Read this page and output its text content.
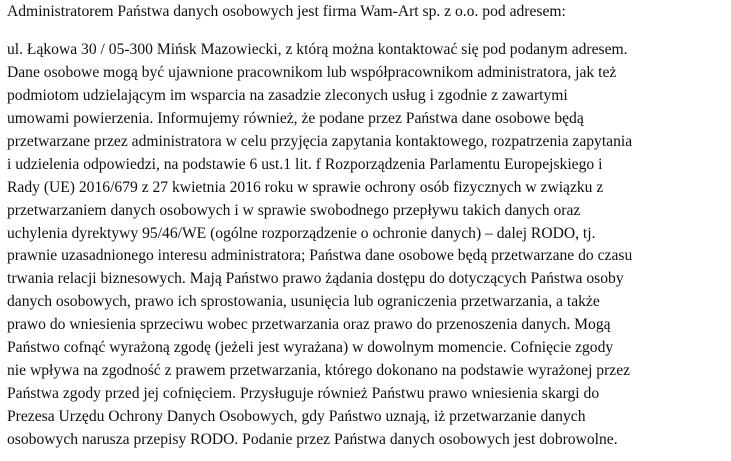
Administratorem Państwa danych osobowych jest firma Wam-Art sp. z o.o. pod adresem:

ul. Łąkowa 30 / 05-300 Mińsk Mazowiecki, z którą można kontaktować się pod podanym adresem.
Dane osobowe mogą być ujawnione pracownikom lub współpracownikom administratora, jak też
podmiotom udzielającym im wsparcia na zasadzie zleconych usług i zgodnie z zawartymi
umowami powierzenia. Informujemy również, że podane przez Państwa dane osobowe będą
przetwarzane przez administratora w celu przyjęcia zapytania kontaktowego, rozpatrzenia zapytania
i udzielenia odpowiedzi, na podstawie 6 ust.1 lit. f Rozporządzenia Parlamentu Europejskiego i
Rady (UE) 2016/679 z 27 kwietnia 2016 roku w sprawie ochrony osób fizycznych w związku z
przetwarzaniem danych osobowych i w sprawie swobodnego przepływu takich danych oraz
uchylenia dyrektywy 95/46/WE (ogólne rozporządzenie o ochronie danych) – dalej RODO, tj.
prawnie uzasadnionego interesu administratora; Państwa dane osobowe będą przetwarzane do czasu
trwania relacji biznesowych. Mają Państwo prawo żądania dostępu do dotyczących Państwa osoby
danych osobowych, prawo ich sprostowania, usunięcia lub ograniczenia przetwarzania, a także
prawo do wniesienia sprzeciwu wobec przetwarzania oraz prawo do przenoszenia danych. Mogą
Państwo cofnąć wyrażoną zgodę (jeżeli jest wyrażana) w dowolnym momencie. Cofnięcie zgody
nie wpływa na zgodność z prawem przetwarzania, którego dokonano na podstawie wyrażonej przez
Państwa zgody przed jej cofnięciem. Przysługuje również Państwu prawo wniesienia skargi do
Prezesa Urzędu Ochrony Danych Osobowych, gdy Państwo uznają, iż przetwarzanie danych
osobowych narusza przepisy RODO. Podanie przez Państwa danych osobowych jest dobrowolne.
